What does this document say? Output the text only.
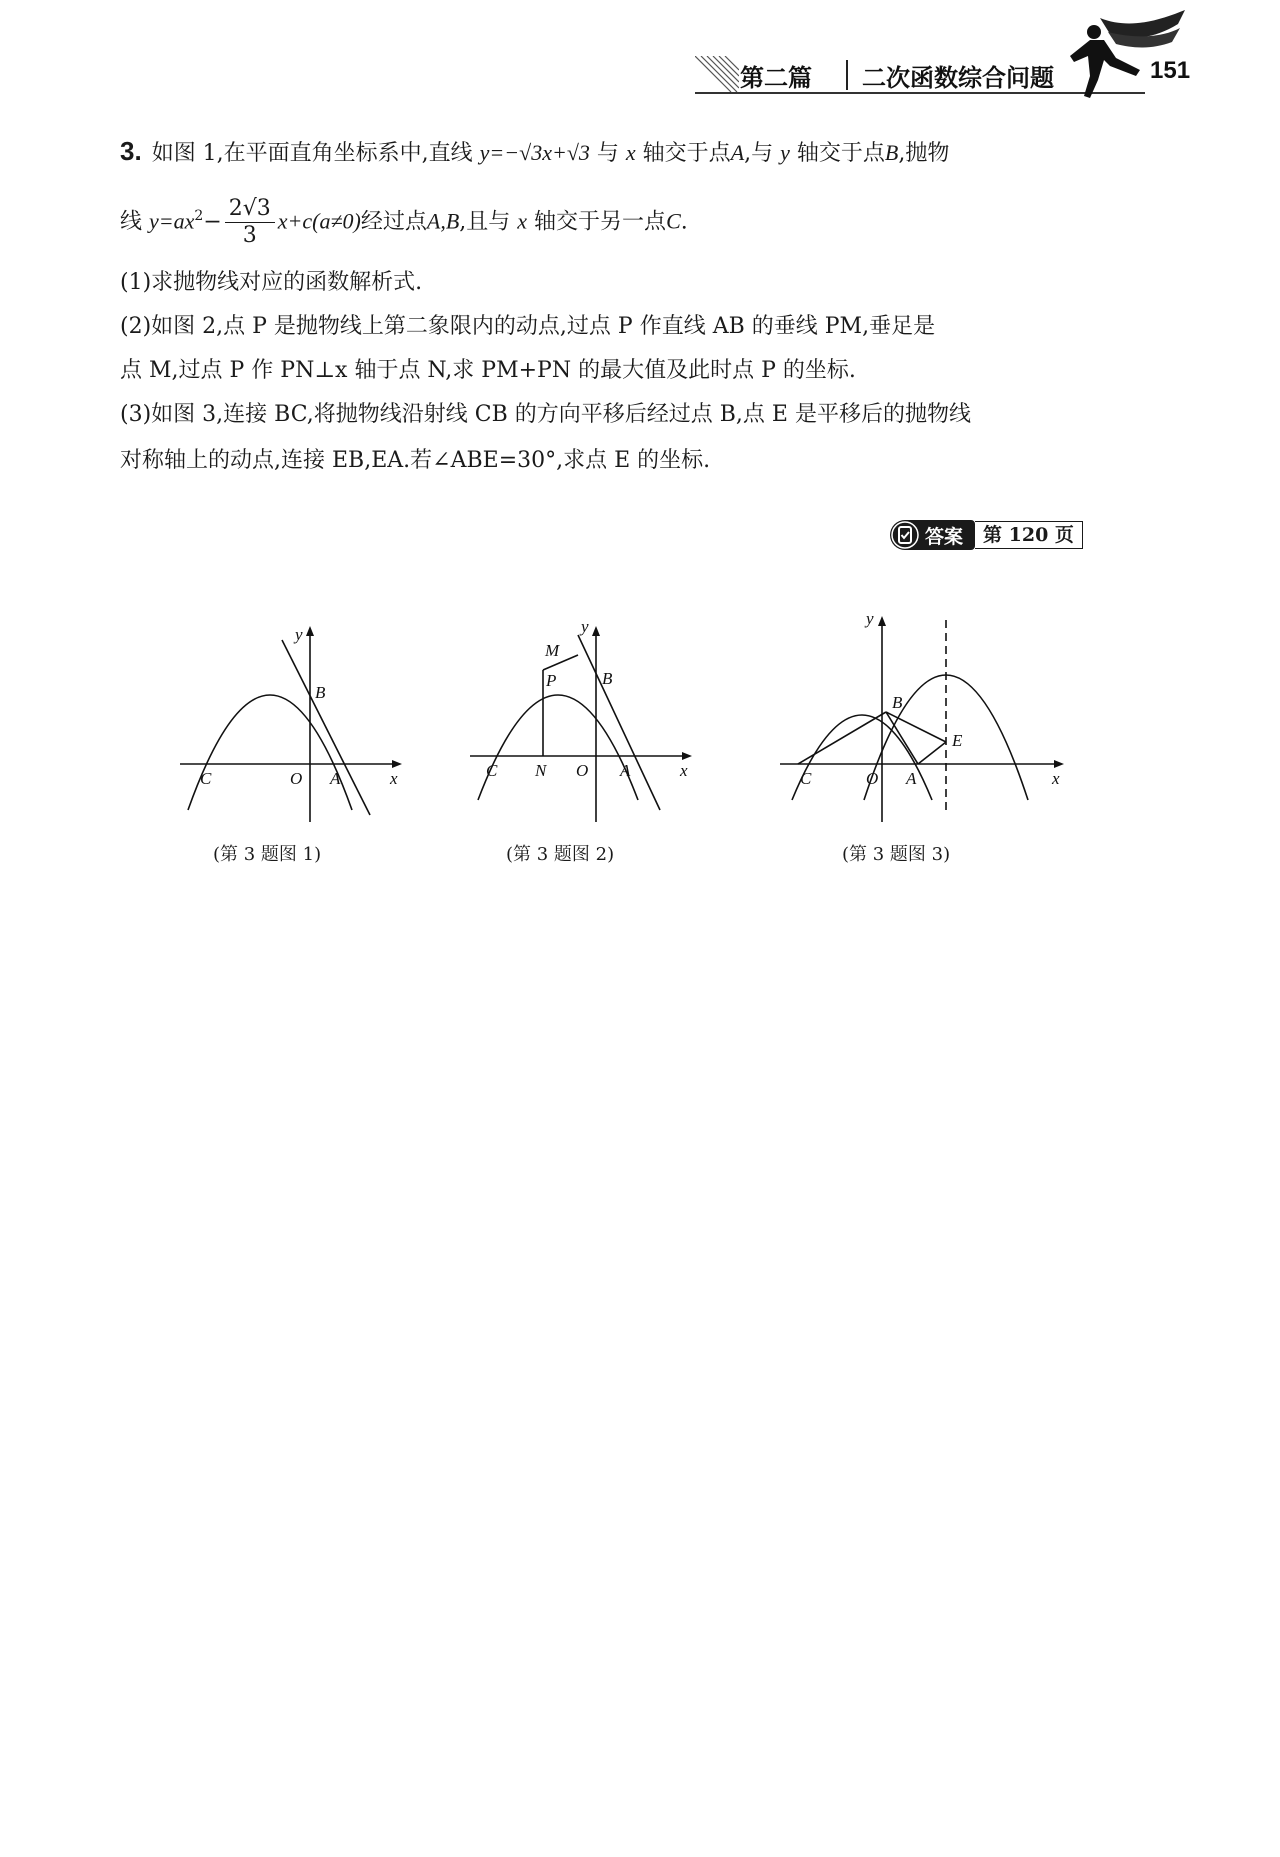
第二篇 二次函数综合问题	151
3. 如图 1,在平面直角坐标系中,直线 y=−√3x+√3 与 x 轴交于点A,与 y 轴交于点B,抛物
线 $y=ax^2- \frac{2√3}{3} x+c(a\ne 0)$经过点A,B,且与 x 轴交于另一点C.
(1)求抛物线对应的函数解析式.
(2)如图 2,点 P 是抛物线上第二象限内的动点,过点 P 作直线 AB 的垂线 PM,垂足是
点 M,过点 P 作 PN⊥x 轴于点 N,求 PM+PN 的最大值及此时点 P 的坐标.
(3)如图 3,连接 BC,将抛物线沿射线 CB 的方向平移后经过点 B,点 E 是平移后的抛物线
对称轴上的动点,连接 EB,EA.若∠ABE=30°,求点 E 的坐标.
答案	第 120 页
y
x
B
C	O A
(第 3 题图 1)
y
x
M
P	B
C N O A
(第 3 题图 2)
y
x
B
E
C	O A
(第 3 题图 3)
